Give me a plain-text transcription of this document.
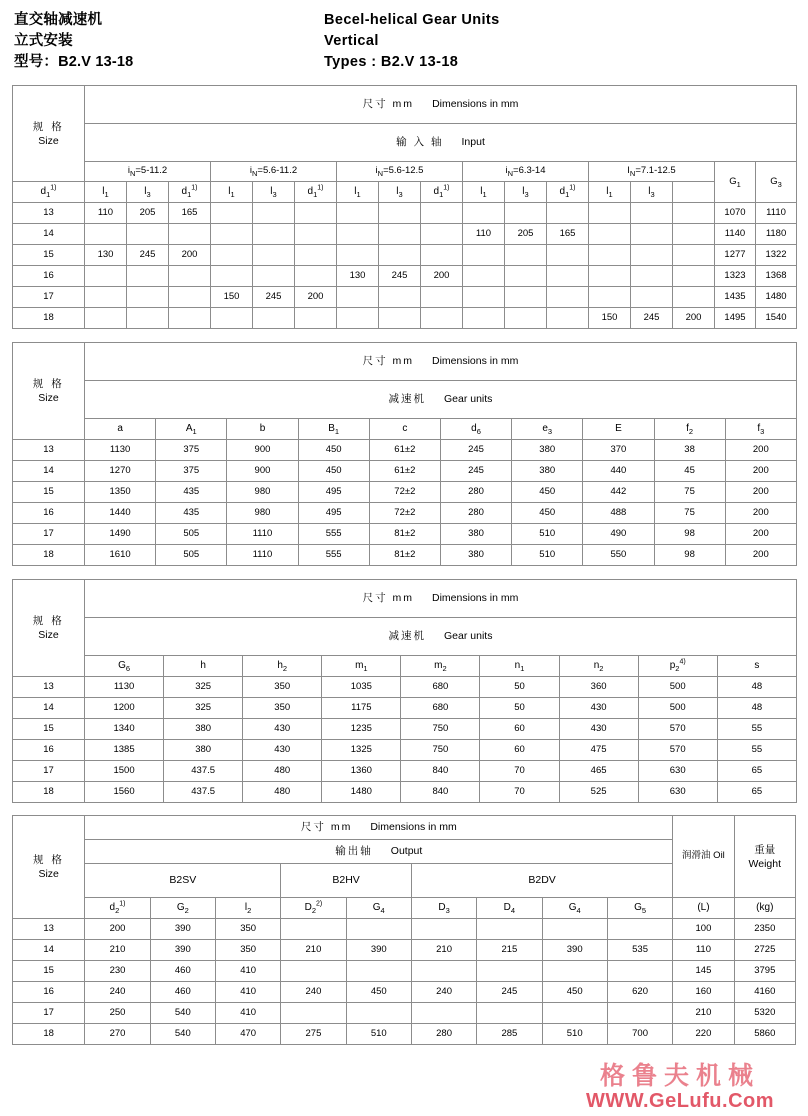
直交轴减速机
立式安装
型号：B2.V 13-18
Becel-helical Gear Units
Vertical
Types : B2.V 13-18
规 格
Size	尺寸 mm Dimensions in mm																
	输 入 轴 Input																
	$i_N=5-11.2$			$i_N=5.6-11.2$			$i_N=5.6-12.5$			$i_N=6.3-14$			$I_N=7.1-12.5$			$G_1$	$G_3$
$d_1^{1)}$	$l_1$	$l_3$	$d_1^{1)}$	$l_1$	$l_3$	$d_1^{1)}$	$l_1$	$l_3$	$d_1^{1)}$	$l_1$	$l_3$	$d_1^{1)}$	$l_1$	$l_3$
13	110	205	165													1070	1110
14										110	205	165				1140	1180
15	130	245	200													1277	1322
16							130	245	200							1323	1368
17				150	245	200										1435	1480
18													150	245	200	1495	1540
规 格
Size	尺寸 mm Dimensions in mm									
	减速机 Gear units									
	a	$A_1$	b	$B_1$	c	$d_6$	$e_3$	E	$f_2$	$f_3$
13	1130	375	900	450	61±2	245	380	370	38	200
14	1270	375	900	450	61±2	245	380	440	45	200
15	1350	435	980	495	72±2	280	450	442	75	200
16	1440	435	980	495	72±2	280	450	488	75	200
17	1490	505	1110	555	81±2	380	510	490	98	200
18	1610	505	1110	555	81±2	380	510	550	98	200
规 格
Size	尺寸 mm Dimensions in mm								
	减速机 Gear units								
	$G_6$	h	$h_2$	$m_1$	$m_2$	$n_1$	$n_2$	$p_2^{4)}$	s
13	1130	325	350	1035	680	50	360	500	48
14	1200	325	350	1175	680	50	430	500	48
15	1340	380	430	1235	750	60	430	570	55
16	1385	380	430	1325	750	60	475	570	55
17	1500	437.5	480	1360	840	70	465	630	65
18	1560	437.5	480	1480	840	70	525	630	65
规 格
Size
	尺寸 mm Dimensions in mm	润滑油 Oil	
重量
Weight

	输出轴 Output										
	B2SV			B2HV		B2DV					
	$d_2^{1)}$	$G_2$	$l_2$	$D_2^{2)}$	$G_4$	$D_3$	$D_4$	$G_4$	$G_5$	(L)	(kg)
13	200	390	350							100	2350
14	210	390	350	210	390	210	215	390	535	110	2725
15	230	460	410							145	3795
16	240	460	410	240	450	240	245	450	620	160	4160
17	250	540	410							210	5320
18	270	540	470	275	510	280	285	510	700	220	5860
格鲁夫机械
WWW.GeLufu.Com
